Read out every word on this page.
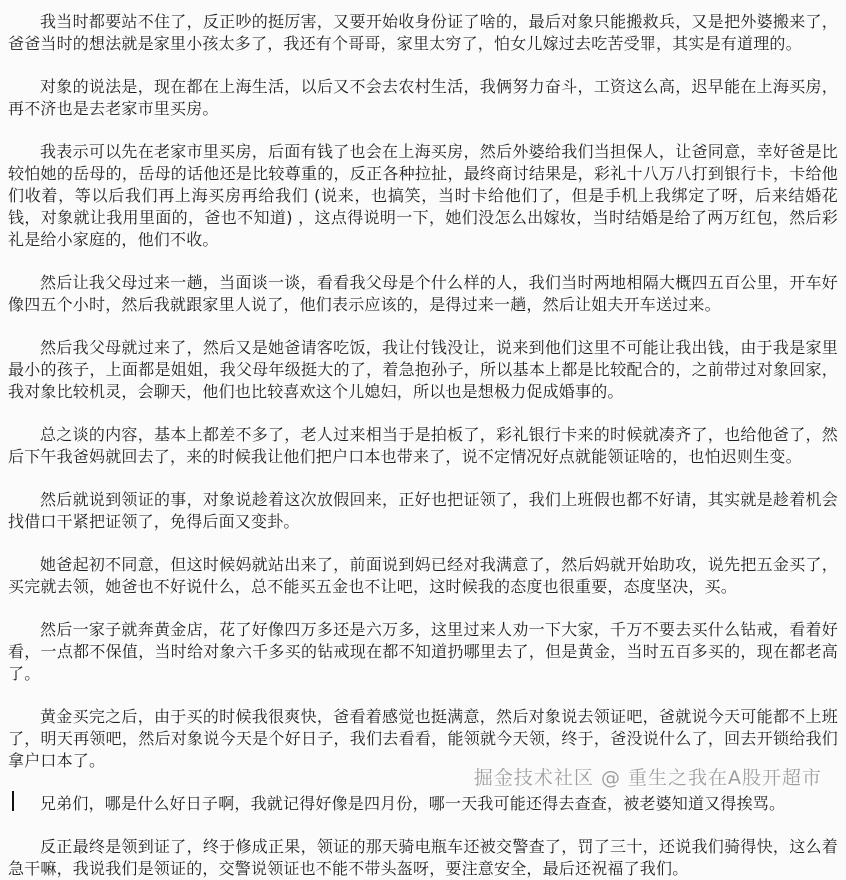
我当时都要站不住了，反正吵的挺厉害，又要开始收身份证了啥的，最后对象只能搬救兵，又是把外婆搬来了，爸爸当时的想法就是家里小孩太多了，我还有个哥哥，家里太穷了，怕女儿嫁过去吃苦受罪，其实是有道理的。

对象的说法是，现在都在上海生活，以后又不会去农村生活，我俩努力奋斗，工资这么高，迟早能在上海买房，再不济也是去老家市里买房。

我表示可以先在老家市里买房，后面有钱了也会在上海买房，然后外婆给我们当担保人，让爸同意，幸好爸是比较怕她的岳母的，岳母的话他还是比较尊重的，反正各种拉扯，最终商讨结果是，彩礼十八万八打到银行卡，卡给他们收着，等以后我们再上海买房再给我们 (说来，也搞笑，当时卡给他们了，但是手机上我绑定了呀，后来结婚花钱，对象就让我用里面的，爸也不知道) ，这点得说明一下，她们没怎么出嫁妆，当时结婚是给了两万红包，然后彩礼是给小家庭的，他们不收。

然后让我父母过来一趟，当面谈一谈，看看我父母是个什么样的人，我们当时两地相隔大概四五百公里，开车好像四五个小时，然后我就跟家里人说了，他们表示应该的，是得过来一趟，然后让姐夫开车送过来。

然后我父母就过来了，然后又是她爸请客吃饭，我让付钱没让，说来到他们这里不可能让我出钱，由于我是家里最小的孩子，上面都是姐姐，我父母年级挺大的了，着急抱孙子，所以基本上都是比较配合的，之前带过对象回家，我对象比较机灵，会聊天，他们也比较喜欢这个儿媳妇，所以也是想极力促成婚事的。

总之谈的内容，基本上都差不多了，老人过来相当于是拍板了，彩礼银行卡来的时候就凑齐了，也给他爸了，然后下午我爸妈就回去了，来的时候我让他们把户口本也带来了，说不定情况好点就能领证啥的，也怕迟则生变。

然后就说到领证的事，对象说趁着这次放假回来，正好也把证领了，我们上班假也都不好请，其实就是趁着机会找借口干紧把证领了，免得后面又变卦。

她爸起初不同意，但这时候妈就站出来了，前面说到妈已经对我满意了，然后妈就开始助攻，说先把五金买了，买完就去领，她爸也不好说什么，总不能买五金也不让吧，这时候我的态度也很重要，态度坚决，买。

然后一家子就奔黄金店，花了好像四万多还是六万多，这里过来人劝一下大家，千万不要去买什么钻戒，看着好看，一点都不保值，当时给对象六千多买的钻戒现在都不知道扔哪里去了，但是黄金，当时五百多买的，现在都老高了。

黄金买完之后，由于买的时候我很爽快，爸看着感觉也挺满意，然后对象说去领证吧，爸就说今天可能都不上班了，明天再领吧，然后对象说今天是个好日子，我们去看看，能领就今天领，终于，爸没说什么了，回去开锁给我们拿户口本了。

兄弟们，哪是什么好日子啊，我就记得好像是四月份，哪一天我可能还得去查查，被老婆知道又得挨骂。

反正最终是领到证了，终于修成正果，领证的那天骑电瓶车还被交警查了，罚了三十，还说我们骑得快，这么着急干嘛，我说我们是领证的，交警说领证也不能不带头盔呀，要注意安全，最后还祝福了我们。

掘金技术社区 @ 重生之我在A股开超市
